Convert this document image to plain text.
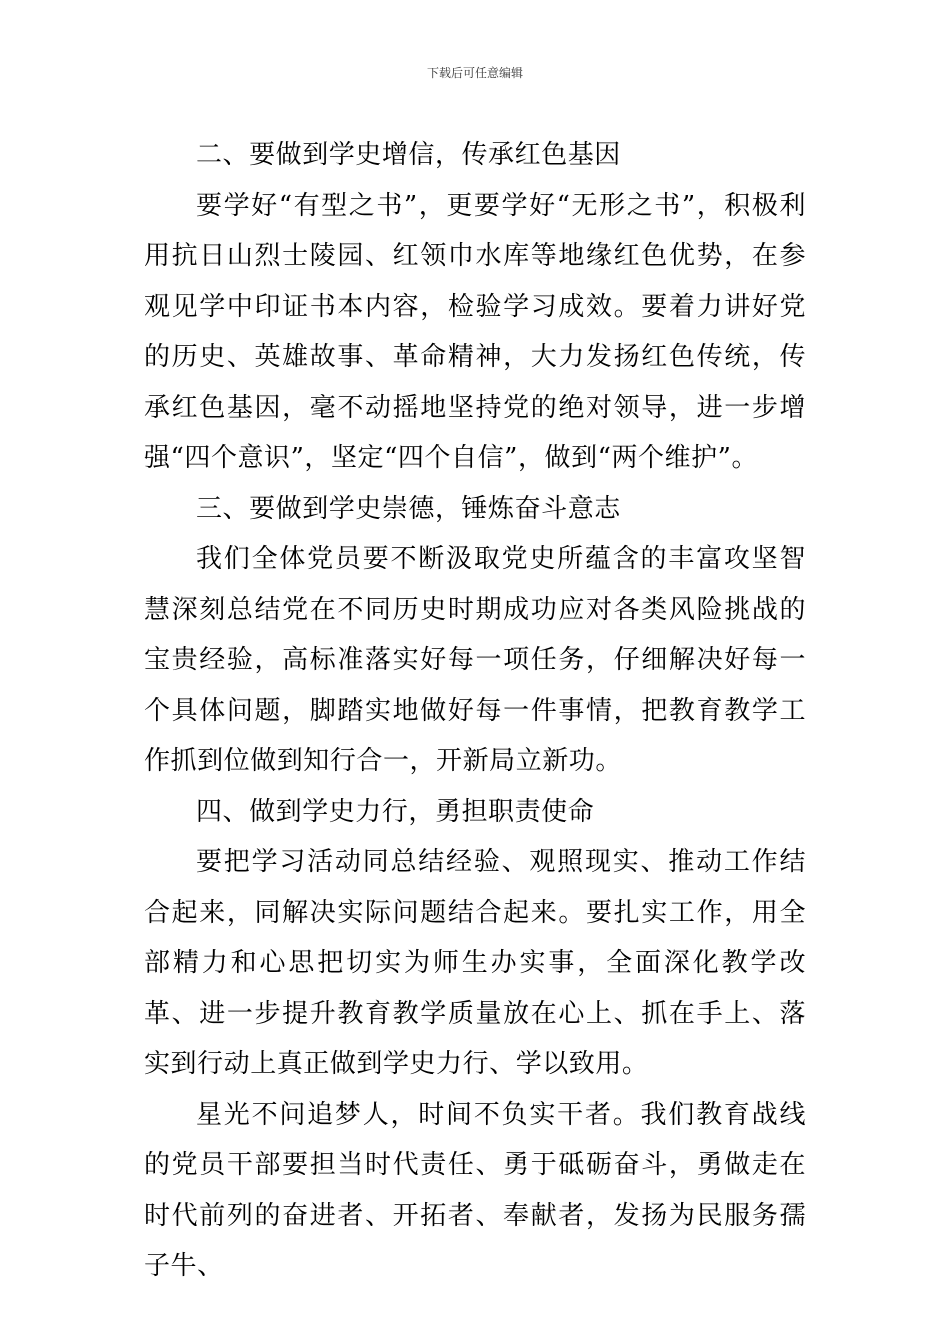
下载后可任意编辑

二、要做到学史增信，传承红色基因

要学好“有型之书”，更要学好“无形之书”，积极利用抗日山烈士陵园、红领巾水库等地缘红色优势，在参观见学中印证书本内容，检验学习成效。要着力讲好党的历史、英雄故事、革命精神，大力发扬红色传统，传承红色基因，毫不动摇地坚持党的绝对领导，进一步增强“四个意识”，坚定“四个自信”，做到“两个维护”。

三、要做到学史崇德，锤炼奋斗意志

我们全体党员要不断汲取党史所蕴含的丰富攻坚智慧深刻总结党在不同历史时期成功应对各类风险挑战的宝贵经验，高标准落实好每一项任务，仔细解决好每一个具体问题，脚踏实地做好每一件事情，把教育教学工作抓到位做到知行合一，开新局立新功。

四、做到学史力行，勇担职责使命

要把学习活动同总结经验、观照现实、推动工作结合起来，同解决实际问题结合起来。要扎实工作，用全部精力和心思把切实为师生办实事，全面深化教学改革、进一步提升教育教学质量放在心上、抓在手上、落实到行动上真正做到学史力行、学以致用。

星光不问追梦人，时间不负实干者。我们教育战线的党员干部要担当时代责任、勇于砥砺奋斗，勇做走在时代前列的奋进者、开拓者、奉献者，发扬为民服务孺子牛、
